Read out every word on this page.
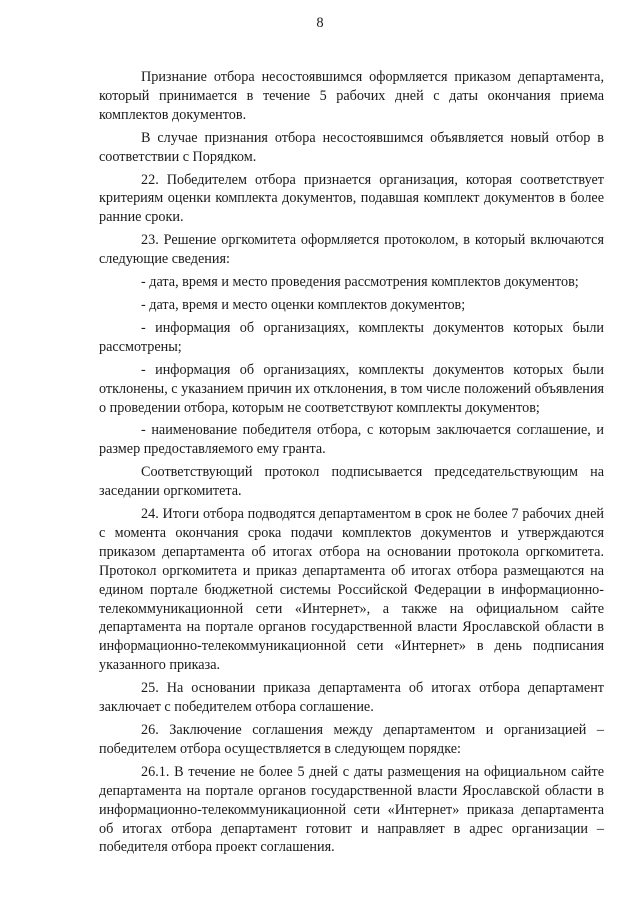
8

Признание отбора несостоявшимся оформляется приказом департамента, который принимается в течение 5 рабочих дней с даты окончания приема комплектов документов.

В случае признания отбора несостоявшимся объявляется новый отбор в соответствии с Порядком.

22. Победителем отбора признается организация, которая соответствует критериям оценки комплекта документов, подавшая комплект документов в более ранние сроки.

23. Решение оргкомитета оформляется протоколом, в который включаются следующие сведения:

- дата, время и место проведения рассмотрения комплектов документов;

- дата, время и место оценки комплектов документов;

- информация об организациях, комплекты документов которых были рассмотрены;

- информация об организациях, комплекты документов которых были отклонены, с указанием причин их отклонения, в том числе положений объявления о проведении отбора, которым не соответствуют комплекты документов;

- наименование победителя отбора, с которым заключается соглашение, и размер предоставляемого ему гранта.

Соответствующий протокол подписывается председательствующим на заседании оргкомитета.

24. Итоги отбора подводятся департаментом в срок не более 7 рабочих дней с момента окончания срока подачи комплектов документов и утверждаются приказом департамента об итогах отбора на основании протокола оргкомитета. Протокол оргкомитета и приказ департамента об итогах отбора размещаются на едином портале бюджетной системы Российской Федерации в информационно-телекоммуникационной сети «Интернет», а также на официальном сайте департамента на портале органов государственной власти Ярославской области в информационно-телекоммуникационной сети «Интернет» в день подписания указанного приказа.

25. На основании приказа департамента об итогах отбора департамент заключает с победителем отбора соглашение.

26. Заключение соглашения между департаментом и организацией – победителем отбора осуществляется в следующем порядке:

26.1. В течение не более 5 дней с даты размещения на официальном сайте департамента на портале органов государственной власти Ярославской области в информационно-телекоммуникационной сети «Интернет» приказа департамента об итогах отбора департамент готовит и направляет в адрес организации – победителя отбора проект соглашения.
